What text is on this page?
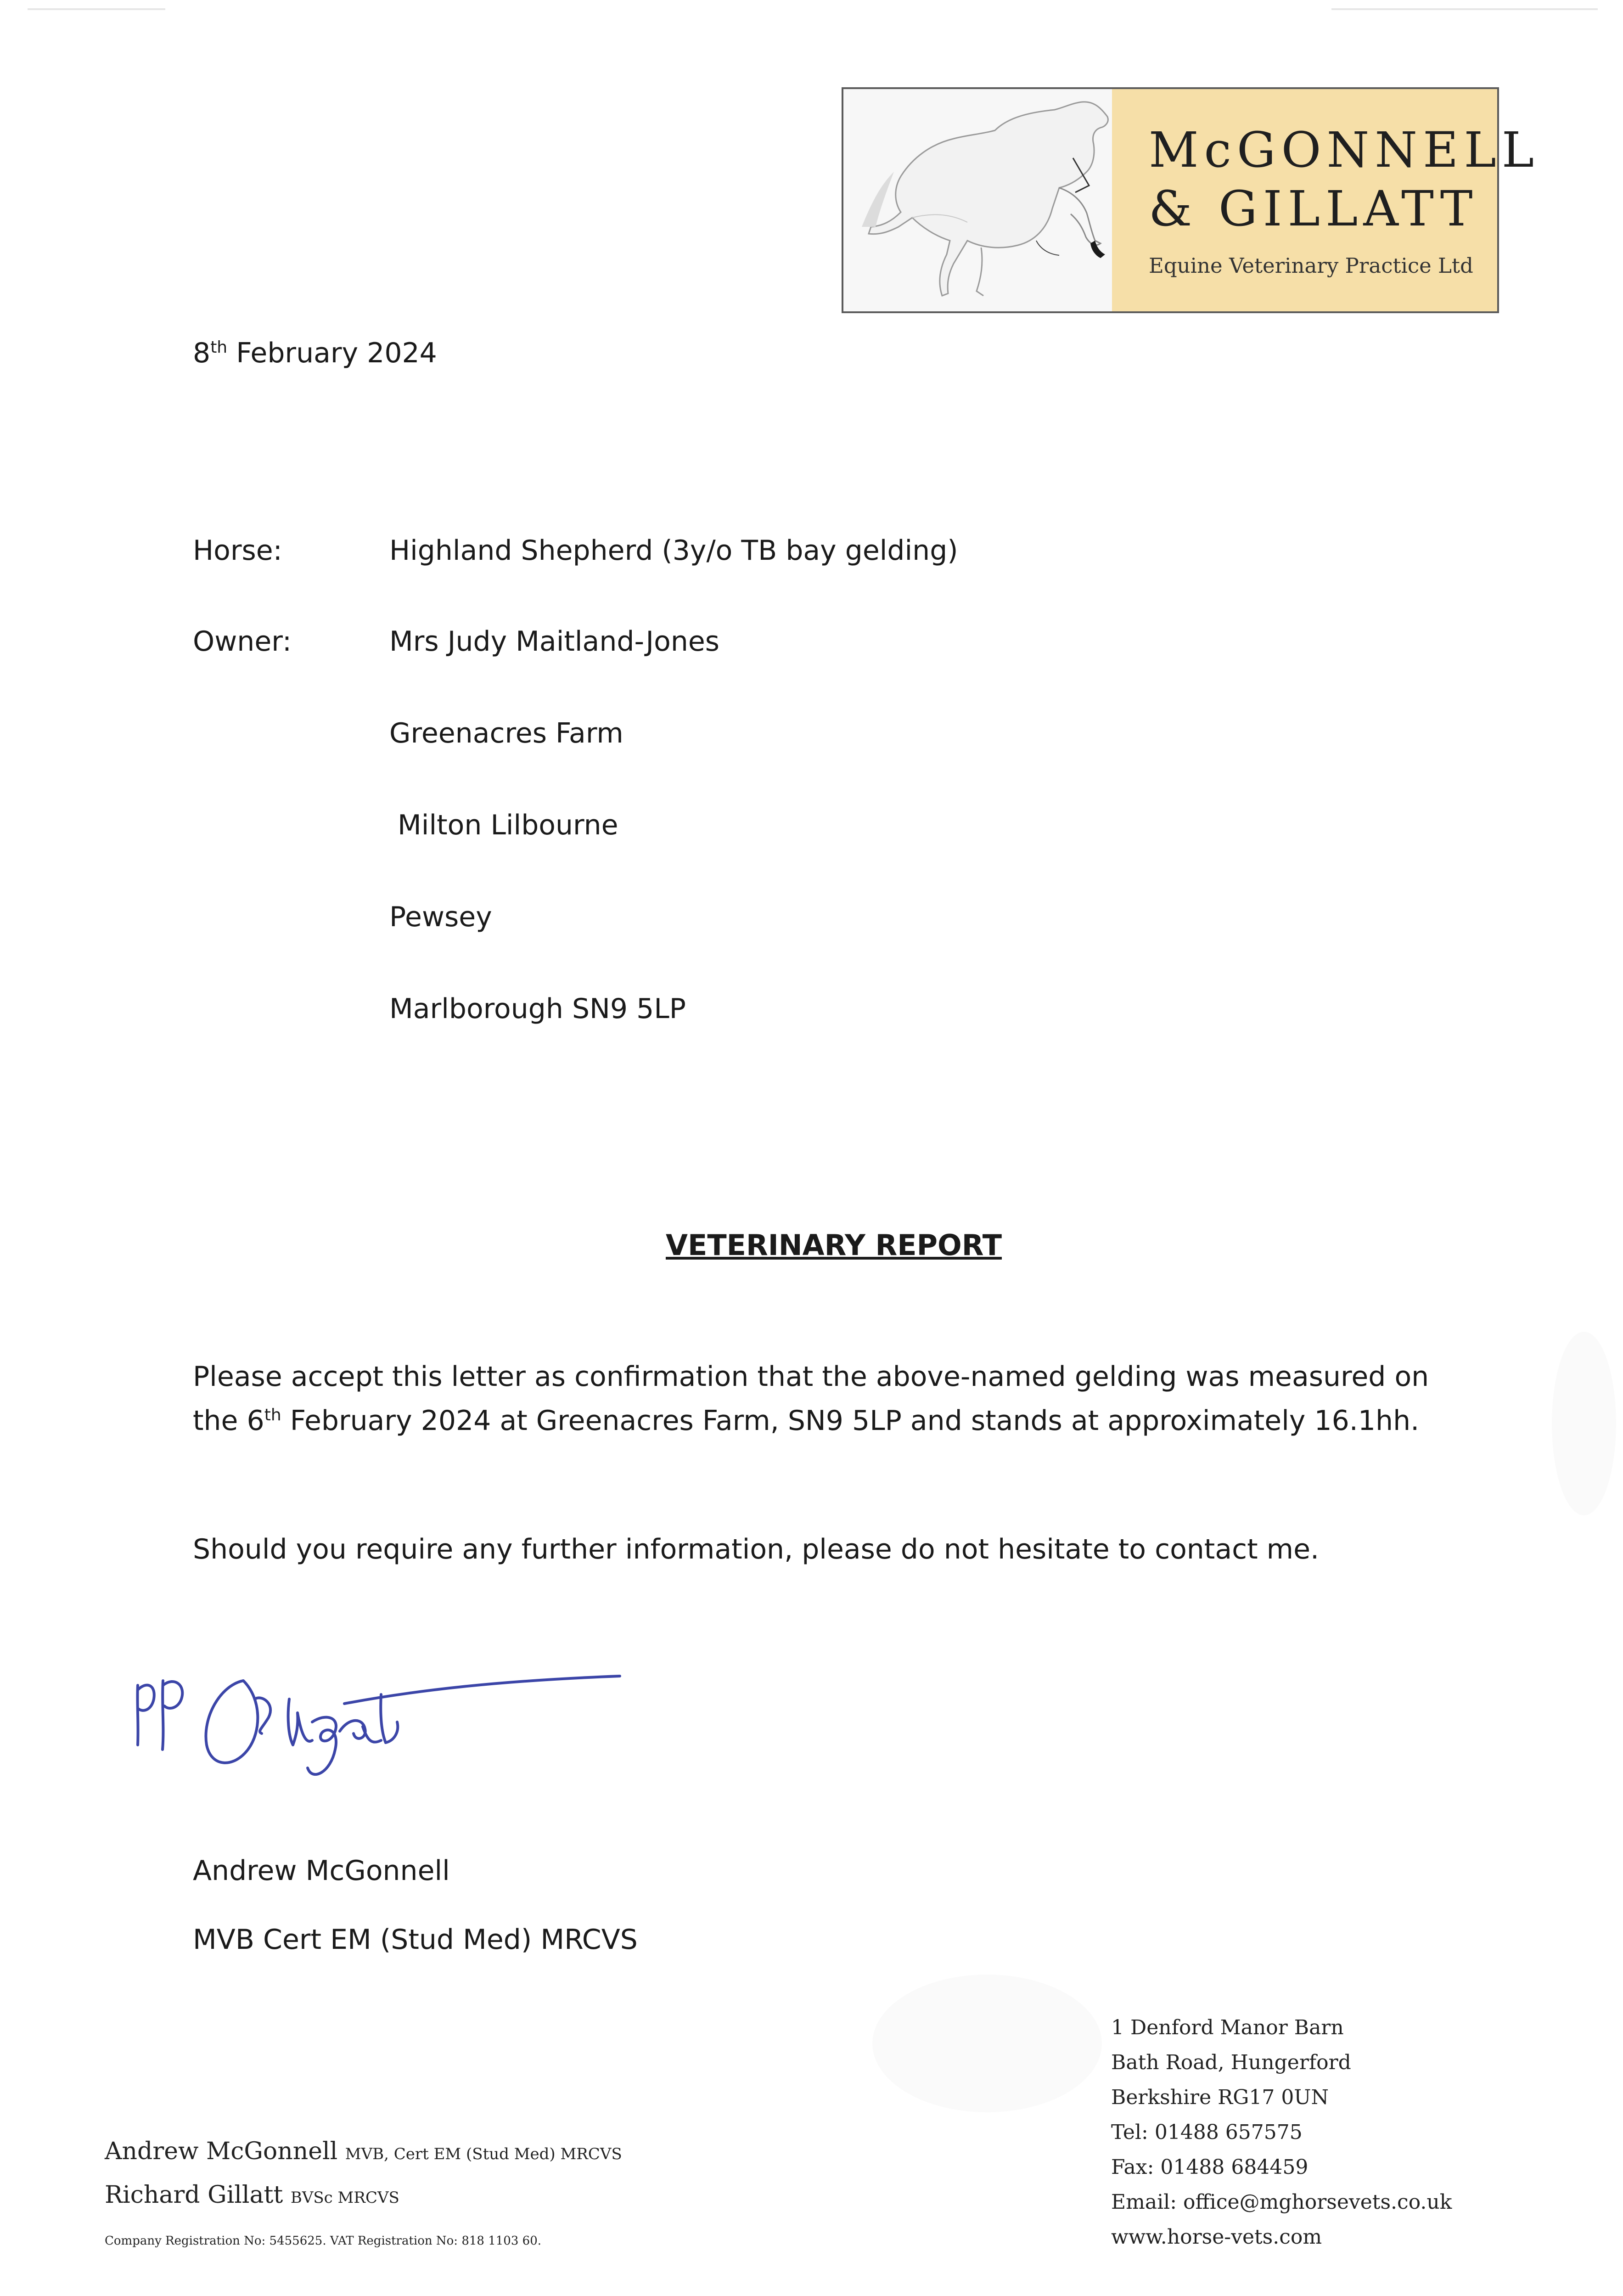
McGONNELL
& GILLATT
Equine Veterinary Practice Ltd
8th February 2024
Horse:	Highland Shepherd (3y/o TB bay gelding)
Owner:	Mrs Judy Maitland-Jones
Greenacres Farm
Milton Lilbourne
Pewsey
Marlborough SN9 5LP
VETERINARY REPORT
Please accept this letter as confirmation that the above-named gelding was measured on
the 6th February 2024 at Greenacres Farm, SN9 5LP and stands at approximately 16.1hh.
Should you require any further information, please do not hesitate to contact me.
Andrew McGonnell
MVB Cert EM (Stud Med) MRCVS
1 Denford Manor Barn
Bath Road, Hungerford
Berkshire RG17 0UN
Tel: 01488 657575
Fax: 01488 684459
Email: office@mghorsevets.co.uk
www.horse-vets.com
Andrew McGonnell MVB, Cert EM (Stud Med) MRCVS
Richard Gillatt BVSc MRCVS
Company Registration No: 5455625. VAT Registration No: 818 1103 60.
